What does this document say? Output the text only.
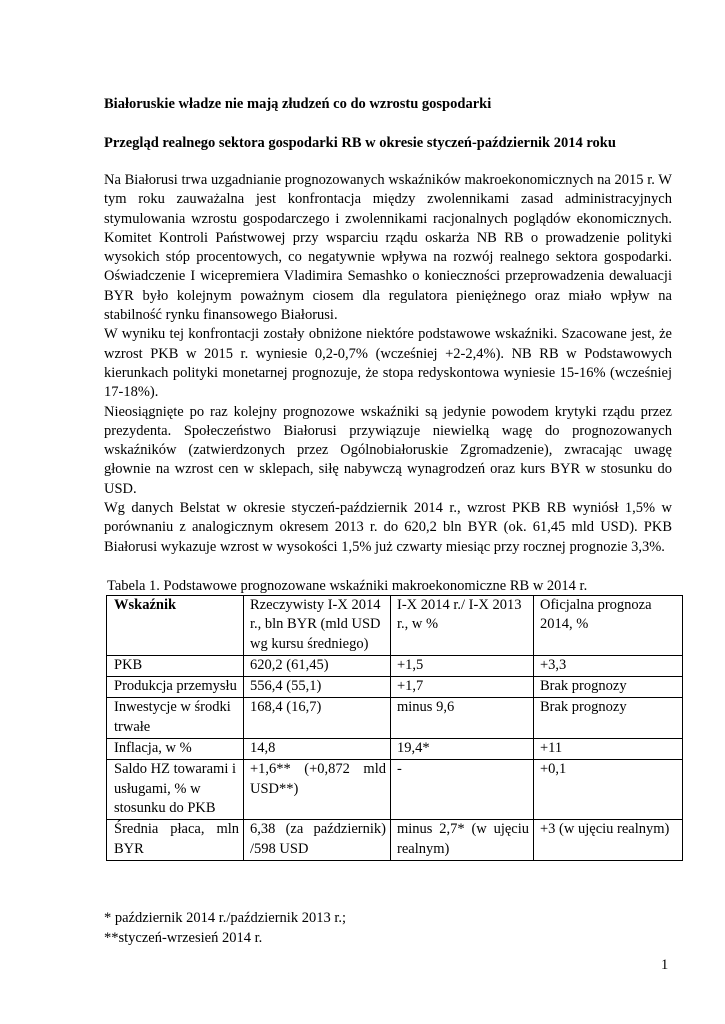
Białoruskie władze nie mają złudzeń co do wzrostu gospodarki
Przegląd realnego sektora gospodarki RB w okresie styczeń-październik 2014 roku

Na Białorusi trwa uzgadnianie prognozowanych wskaźników makroekonomicznych na 2015 r. W tym roku zauważalna jest konfrontacja między zwolennikami zasad administracyjnych stymulowania wzrostu gospodarczego i zwolennikami racjonalnych poglądów ekonomicznych. Komitet Kontroli Państwowej przy wsparciu rządu oskarża NB RB o prowadzenie polityki wysokich stóp procentowych, co negatywnie wpływa na rozwój realnego sektora gospodarki. Oświadczenie I wicepremiera Vladimira Semashko o konieczności przeprowadzenia dewaluacji BYR było kolejnym poważnym ciosem dla regulatora pieniężnego oraz miało wpływ na stabilność rynku finansowego Białorusi.

W wyniku tej konfrontacji zostały obniżone niektóre podstawowe wskaźniki. Szacowane jest, że wzrost PKB w 2015 r. wyniesie 0,2-0,7% (wcześniej +2-2,4%). NB RB w Podstawowych kierunkach polityki monetarnej prognozuje, że stopa redyskontowa wyniesie 15-16% (wcześniej 17-18%).

Nieosiągnięte po raz kolejny prognozowe wskaźniki są jedynie powodem krytyki rządu przez prezydenta. Społeczeństwo Białorusi przywiązuje niewielką wagę do prognozowanych wskaźników (zatwierdzonych przez Ogólnobiałoruskie Zgromadzenie), zwracając uwagę głownie na wzrost cen w sklepach, siłę nabywczą wynagrodzeń oraz kurs BYR w stosunku do USD.

Wg danych Belstat w okresie styczeń-październik 2014 r., wzrost PKB RB wyniósł 1,5% w porównaniu z analogicznym okresem 2013 r. do 620,2 bln BYR (ok. 61,45 mld USD). PKB Białorusi wykazuje wzrost w wysokości 1,5% już czwarty miesiąc przy rocznej prognozie 3,3%.

Tabela 1. Podstawowe prognozowane wskaźniki makroekonomiczne RB w 2014 r.
Wskaźnik	Rzeczywisty I-X 2014 r., bln BYR (mld USD wg kursu średniego)	I-X 2014 r./ I-X 2013 r., w %	Oficjalna prognoza 2014, %
PKB	620,2 (61,45)	+1,5	+3,3
Produkcja przemysłu	556,4 (55,1)	+1,7	Brak prognozy
Inwestycje w środki trwałe	168,4 (16,7)	minus 9,6	Brak prognozy
Inflacja, w %	14,8	19,4*	+11
Saldo HZ towarami i usługami, % w stosunku do PKB	+1,6** (+0,872 mld USD**)	-	+0,1
Średnia płaca, mln BYR	6,38 (za październik) /598 USD	minus 2,7* (w ujęciu realnym)	+3 (w ujęciu realnym)
* październik 2014 r./październik 2013 r.;
**styczeń-wrzesień 2014 r.
1
